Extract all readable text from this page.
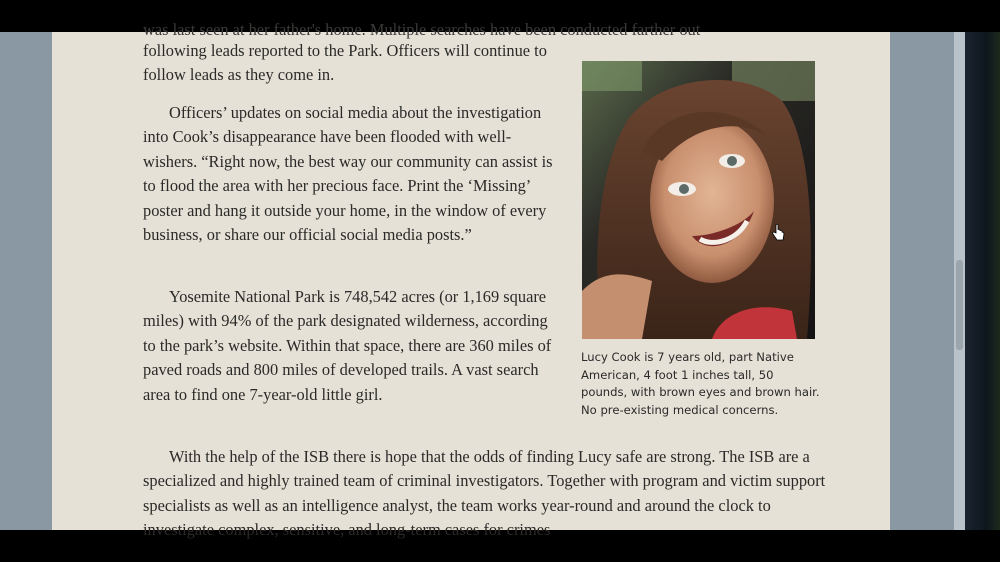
was last seen at her father's home. Multiple searches have been conducted farther out

following leads reported to the Park. Officers will continue to follow leads as they come in.

Officers’ updates on social media about the investigation into Cook’s disappearance have been flooded with well-wishers. “Right now, the best way our community can assist is to flood the area with her precious face. Print the ‘Missing’ poster and hang it outside your home, in the window of every business, or share our official social media posts.”

Yosemite National Park is 748,542 acres (or 1,169 square miles) with 94% of the park designated wilderness, according to the park’s website. Within that space, there are 360 miles of paved roads and 800 miles of developed trails. A vast search area to find one 7-year-old little girl.

With the help of the ISB there is hope that the odds of finding Lucy safe are strong. The ISB are a specialized and highly trained team of criminal investigators. Together with program and victim support specialists as well as an intelligence analyst, the team works year-round and around the clock to investigate complex, sensitive, and long-term cases for crimes

Lucy Cook is 7 years old, part Native American, 4 foot 1 inches tall, 50 pounds, with brown eyes and brown hair. No pre-existing medical concerns.
